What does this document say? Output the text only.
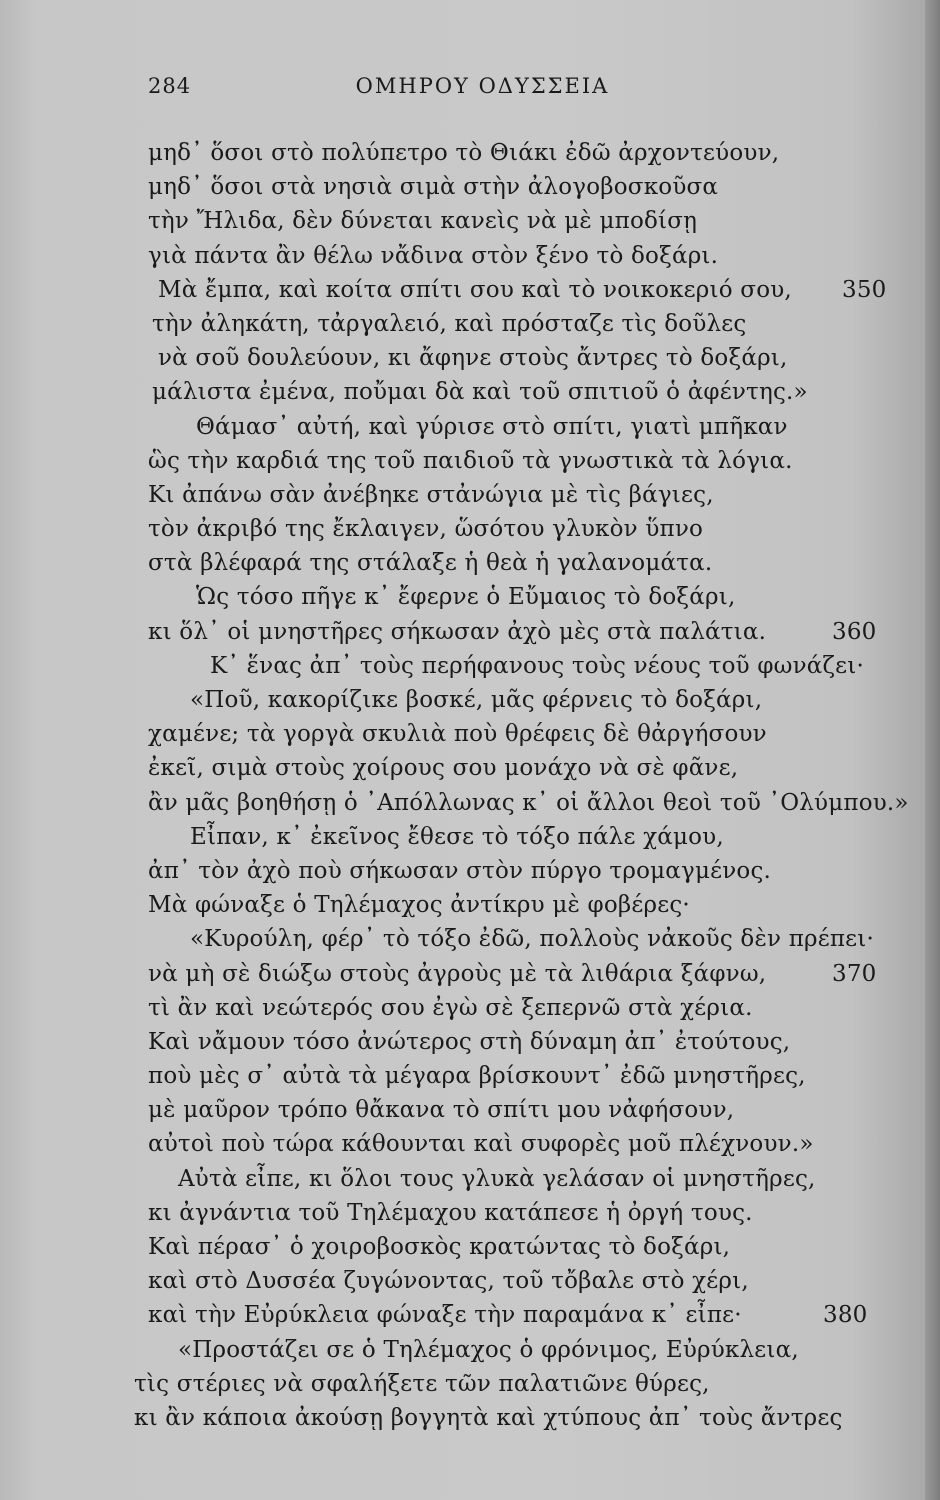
284	ΟΜΗΡΟΥ ΟΔΥΣΣΕΙΑ
μηδ᾽ ὅσοι στὸ πολύπετρο τὸ Θιάκι ἐδῶ ἀρχοντεύουν,
μηδ᾽ ὅσοι στὰ νησιὰ σιμὰ στὴν ἀλογοβοσκοῦσα
τὴν Ἤλιδα, δὲν δύνεται κανεὶς νὰ μὲ μποδίσῃ
γιὰ πάντα ἂν θέλω νἄδινα στὸν ξένο τὸ δοξάρι.
Μὰ ἔμπα, καὶ κοίτα σπίτι σου καὶ τὸ νοικοκεριό σου, 350
τὴν ἀληκάτη, τἀργαλειό, καὶ πρόσταζε τὶς δοῦλες
νὰ σοῦ δουλεύουν, κι ἄφηνε στοὺς ἄντρες τὸ δοξάρι,
μάλιστα ἐμένα, ποὔμαι δὰ καὶ τοῦ σπιτιοῦ ὁ ἀφέντης.»
Θάμασ᾽ αὐτή, καὶ γύρισε στὸ σπίτι, γιατὶ μπῆκαν
ὣς τὴν καρδιά της τοῦ παιδιοῦ τὰ γνωστικὰ τὰ λόγια.
Κι ἀπάνω σὰν ἀνέβηκε στἀνώγια μὲ τὶς βάγιες,
τὸν ἀκριβό της ἔκλαιγεν, ὥσότου γλυκὸν ὕπνο
στὰ βλέφαρά της στάλαξε ἡ θεὰ ἡ γαλανομάτα.
Ὡς τόσο πῆγε κ᾽ ἔφερνε ὁ Εὔμαιος τὸ δοξάρι,
κι ὅλ᾽ οἱ μνηστῆρες σήκωσαν ἀχὸ μὲς στὰ παλάτια.	360
Κ᾽ ἕνας ἀπ᾽ τοὺς περήφανους τοὺς νέους τοῦ φωνάζει·
«Ποῦ, κακορίζικε βοσκέ, μᾶς φέρνεις τὸ δοξάρι,
χαμένε; τὰ γοργὰ σκυλιὰ ποὺ θρέφεις δὲ θἀργήσουν
ἐκεῖ, σιμὰ στοὺς χοίρους σου μονάχο νὰ σὲ φᾶνε,
ἂν μᾶς βοηθήσῃ ὁ ᾿Απόλλωνας κ᾽ οἱ ἄλλοι θεοὶ τοῦ ᾿Ολύμπου.»
Εἶπαν, κ᾽ ἐκεῖνος ἔθεσε τὸ τόξο πάλε χάμου,
ἀπ᾽ τὸν ἀχὸ ποὺ σήκωσαν στὸν πύργο τρομαγμένος.
Μὰ φώναξε ὁ Τηλέμαχος ἀντίκρυ μὲ φοβέρες·
«Κυρούλη, φέρ᾽ τὸ τόξο ἐδῶ, πολλοὺς νἀκοῦς δὲν πρέπει·
νὰ μὴ σὲ διώξω στοὺς ἀγροὺς μὲ τὰ λιθάρια ξάφνω,	370
τὶ ἂν καὶ νεώτερός σου ἐγὼ σὲ ξεπερνῶ στὰ χέρια.
Καὶ νἄμουν τόσο ἀνώτερος στὴ δύναμη ἀπ᾽ ἐτούτους,
ποὺ μὲς σ᾽ αὐτὰ τὰ μέγαρα βρίσκουντ᾽ ἐδῶ μνηστῆρες,
μὲ μαῦρον τρόπο θἄκανα τὸ σπίτι μου νἀφήσουν,
αὐτοὶ ποὺ τώρα κάθουνται καὶ συφορὲς μοῦ πλέχνουν.»
Αὐτὰ εἶπε, κι ὅλοι τους γλυκὰ γελάσαν οἱ μνηστῆρες,
κι ἀγνάντια τοῦ Τηλέμαχου κατάπεσε ἡ ὀργή τους.
Καὶ πέρασ᾽ ὁ χοιροβοσκὸς κρατώντας τὸ δοξάρι,
καὶ στὸ Δυσσέα ζυγώνοντας, τοῦ τὄβαλε στὸ χέρι,
καὶ τὴν Εὐρύκλεια φώναξε τὴν παραμάνα κ᾽ εἶπε·	380
«Προστάζει σε ὁ Τηλέμαχος ὁ φρόνιμος, Εὐρύκλεια,
τὶς στέριες νὰ σφαλήξετε τῶν παλατιῶνε θύρες,
κι ἂν κάποια ἀκούσῃ βογγητὰ καὶ χτύπους ἀπ᾽ τοὺς ἄντρες
